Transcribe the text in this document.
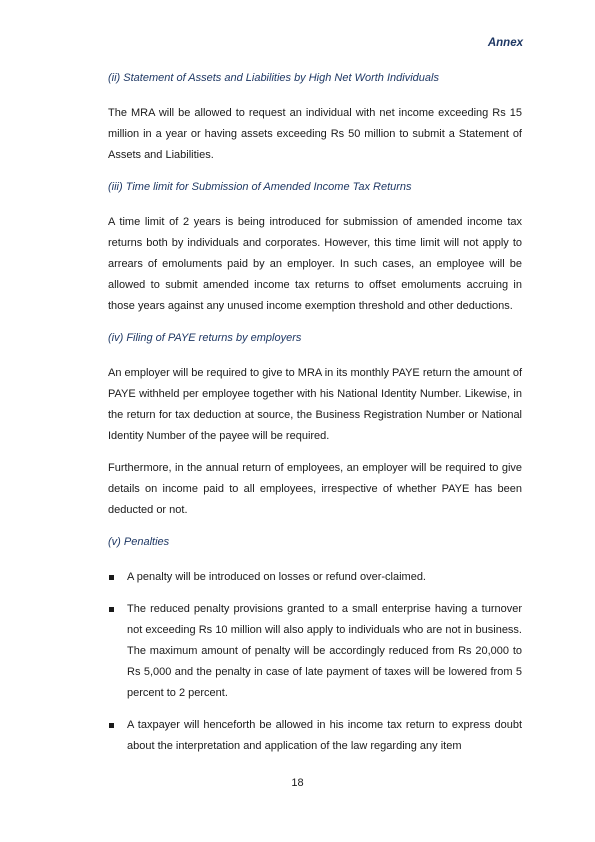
Annex
(ii) Statement of Assets and Liabilities by High Net Worth Individuals

The MRA will be allowed to request an individual with net income exceeding Rs 15 million in a year or having assets exceeding Rs 50 million to submit a Statement of Assets and Liabilities.

(iii) Time limit for Submission of Amended Income Tax Returns

A time limit of 2 years is being introduced for submission of amended income tax returns both by individuals and corporates. However, this time limit will not apply to arrears of emoluments paid by an employer. In such cases, an employee will be allowed to submit amended income tax returns to offset emoluments accruing in those years against any unused income exemption threshold and other deductions.

(iv) Filing of PAYE returns by employers

An employer will be required to give to MRA in its monthly PAYE return the amount of PAYE withheld per employee together with his National Identity Number. Likewise, in the return for tax deduction at source, the Business Registration Number or National Identity Number of the payee will be required.

Furthermore, in the annual return of employees, an employer will be required to give details on income paid to all employees, irrespective of whether PAYE has been deducted or not.

(v) Penalties
A penalty will be introduced on losses or refund over-claimed.
The reduced penalty provisions granted to a small enterprise having a turnover not exceeding Rs 10 million will also apply to individuals who are not in business. The maximum amount of penalty will be accordingly reduced from Rs 20,000 to Rs 5,000 and the penalty in case of late payment of taxes will be lowered from 5 percent to 2 percent.
A taxpayer will henceforth be allowed in his income tax return to express doubt about the interpretation and application of the law regarding any item
18
